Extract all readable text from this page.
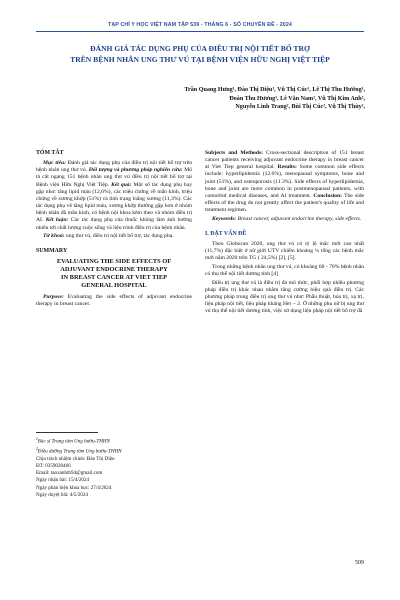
TẠP CHÍ Y HỌC VIỆT NAM TẬP 539 - THÁNG 6 - SỐ CHUYÊN ĐỀ - 2024
ĐÁNH GIÁ TÁC DỤNG PHỤ CỦA ĐIỀU TRỊ NỘI TIẾT BỔ TRỢ
TRÊN BỆNH NHÂN UNG THƯ VÚ TẠI BỆNH VIỆN HỮU NGHỊ VIỆT TIỆP
Trần Quang Hưng¹, Đào Thị Diệu¹, Vũ Thị Cúc¹, Lê Thị Thu Hường¹,
Đoàn Thu Hương¹, Lê Văn Nam², Vũ Thị Kim Anh²,
Nguyễn Linh Trang², Bùi Thị Cúc², Vũ Thị Thùy²,
TÓM TẮT

Mục tiêu: Đánh giá tác dụng phụ của điều trị nội tiết bổ trợ trên bệnh nhân ung thư vú. Đối tượng và phương pháp nghiên cứu: Mô tả cắt ngang 151 bệnh nhân ung thư vú điều trị nội tiết bổ trợ tại Bệnh viện Hữu Nghị Việt Tiệp. Kết quả: Một số tác dụng phụ hay gặp như: tăng lipid máu (12,6%), các triệu chứng về mãn kinh, triệu chứng về xương khớp (51%) và tình trạng loãng xương (11,3%). Các tác dụng phụ về tăng lipid máu, xương khớp thường gặp hơn ở nhóm bệnh nhân đã mãn kinh, có bệnh nội khoa kèm theo và nhóm điều trị AI. Kết luận: Các tác dụng phụ của thuốc không làm ảnh hưởng nhiều tới chất lượng cuộc sống và liệu trình điều trị của bệnh nhân.

Từ khoá: ung thư vú, điều trị nội tiết bổ trợ, tác dụng phụ.

SUMMARY
EVALUATING THE SIDE EFFECTS OF
ADJUVANT ENDOCRINE THERAPY
IN BREAST CANCER AT VIET TIEP
GENERAL HOSPITAL

Purpose: Evaluating the side effects of adjuvant endocrine therapy in breast cancer.

$^1$Bác sĩ Trung tâm Ung bướu-THHN
$^2$Điều dưỡng Trung tâm Ung bướu-THHN
Chịu trách nhiệm chính: Đào Thị Diệu
ĐT: 0359020466
Email: taoxanhth94@gmail.com
Ngày nhận bài: 15/4/2024
Ngày phản biện khoa học: 27/4/2024
Ngày duyệt bài: 4/5/2024

Subjects and Methods: Cross-sectional description of 151 breast cancer patients receiving adjuvant endocrine therapy in breast cancer at Viet Tiep general hospital. Results: Some common side effects include: hyperlipidemia (12.6%), menopausal symptoms, bone and joint (51%), and osteoporosis (11.3%). Side effects of hyperlipidemia, bone and joint are more common in postmenopausal patients, with comorbid medical diseases, and AI treatment. Conclusion: The side effects of the drug do not greatly affect the patient's quality of life and treatment regimen.

Keywords: Breast cancer, adjuvant endocrine therapy, side effects.

I. ĐẶT VẤN ĐỀ

Theo Globocan 2020, ung thư vú có tỷ lệ mắc mới cao nhất (11,7%) đặc biệt ở nữ giới UTV chiếm khoảng ¼ tổng các bệnh mắc mới năm 2020 trên TG ( 24,5%) [2], [5].

Trong những bệnh nhân ung thư vú, có khoảng 60 - 70% bệnh nhân có thụ thể nội tiết dương tính [4]

Điều trị ung thư vú là điều trị đa mô thức, phối hợp nhiều phương pháp điều trị khác nhau nhằm tăng cường hiệu quả điều trị. Các phương pháp trong điều trị ung thư vú như: Phẫu thuật, hóa trị, xạ trị, liệu pháp nội tiết, liệu pháp kháng Her – 2. Ở những phụ nữ bị ung thư vú thụ thể nội tiết dương tính, việc sử dụng liệu pháp nội tiết bổ trợ đã

509
